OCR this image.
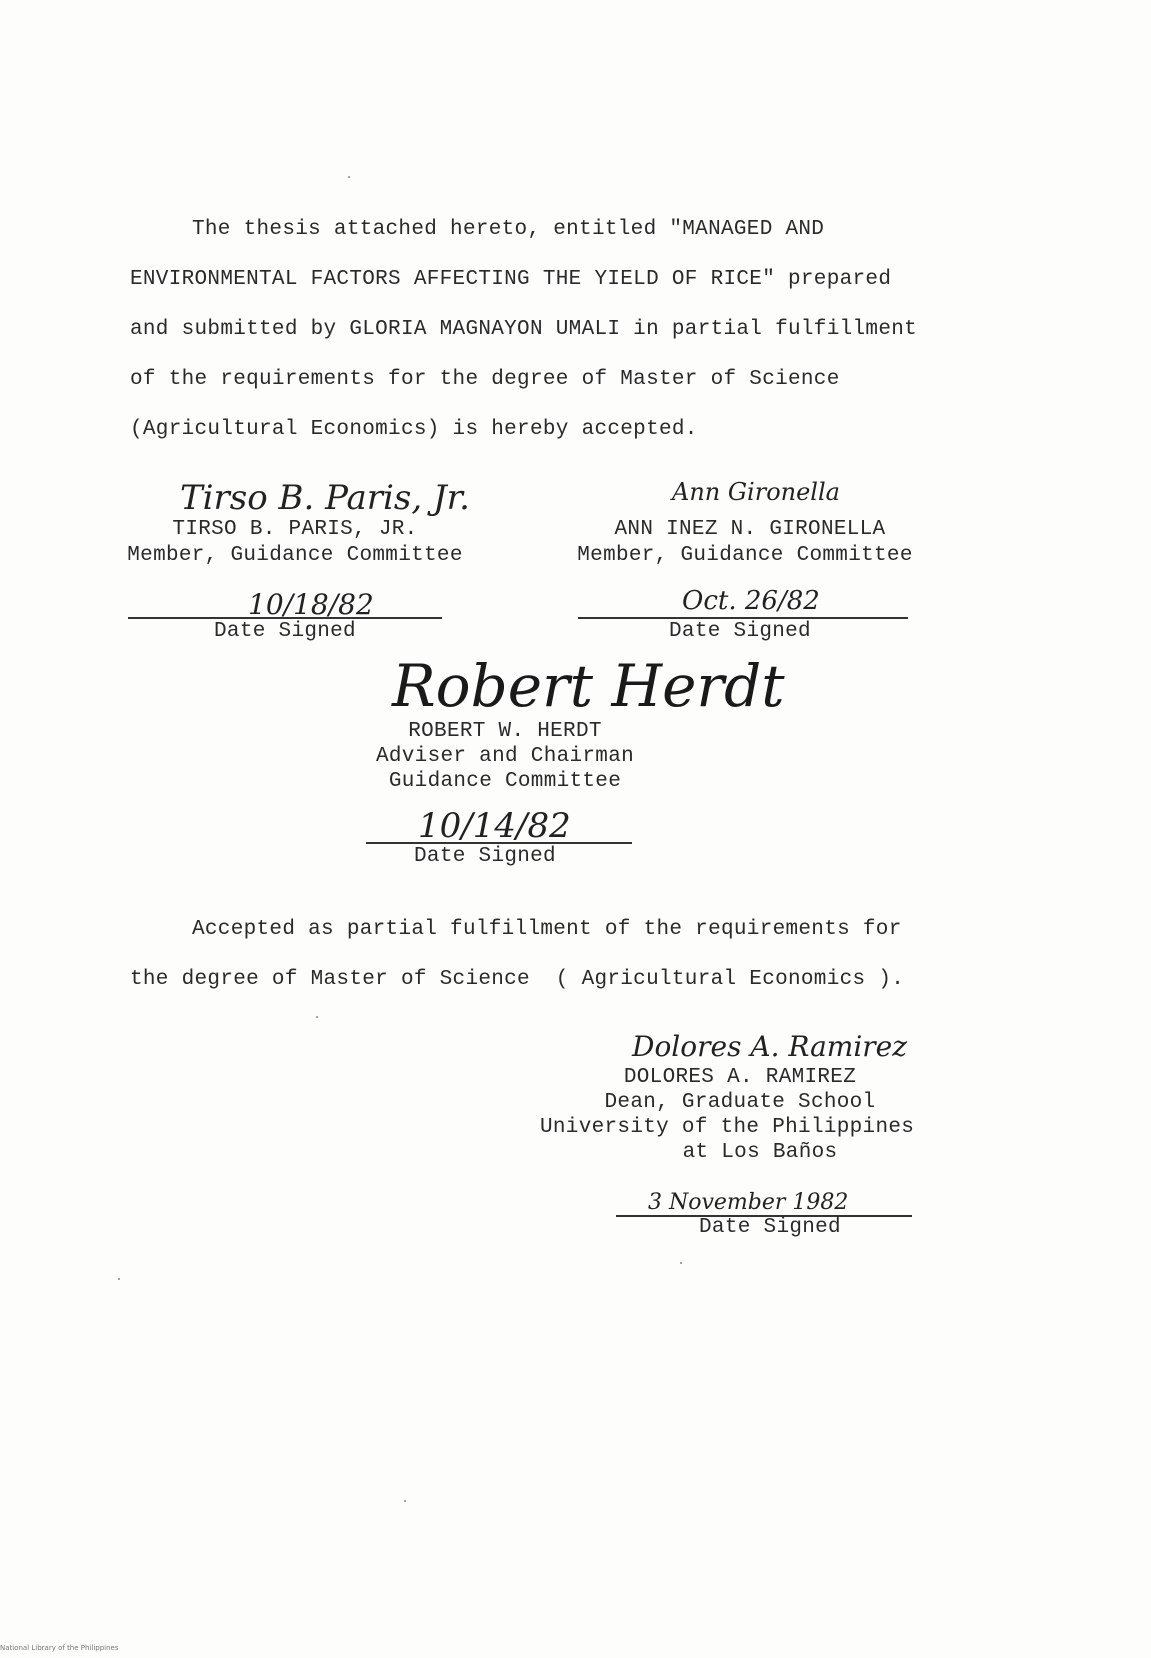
The thesis attached hereto, entitled "MANAGED AND
ENVIRONMENTAL FACTORS AFFECTING THE YIELD OF RICE" prepared
and submitted by GLORIA MAGNAYON UMALI in partial fulfillment
of the requirements for the degree of Master of Science
(Agricultural Economics) is hereby accepted.
Tirso B. Paris, Jr.
TIRSO B. PARIS, JR.
Member, Guidance Committee
10/18/82
Date Signed
Ann Gironella
ANN INEZ N. GIRONELLA
Member, Guidance Committee
Oct. 26/82
Date Signed
Robert Herdt
ROBERT W. HERDT
Adviser and Chairman
Guidance Committee
10/14/82
Date Signed
Accepted as partial fulfillment of the requirements for
the degree of Master of Science  ( Agricultural Economics ).
Dolores A. Ramirez
DOLORES A. RAMIREZ
Dean, Graduate School
University of the Philippines
at Los Baños
3 November 1982
Date Signed
National Library of the Philippines
